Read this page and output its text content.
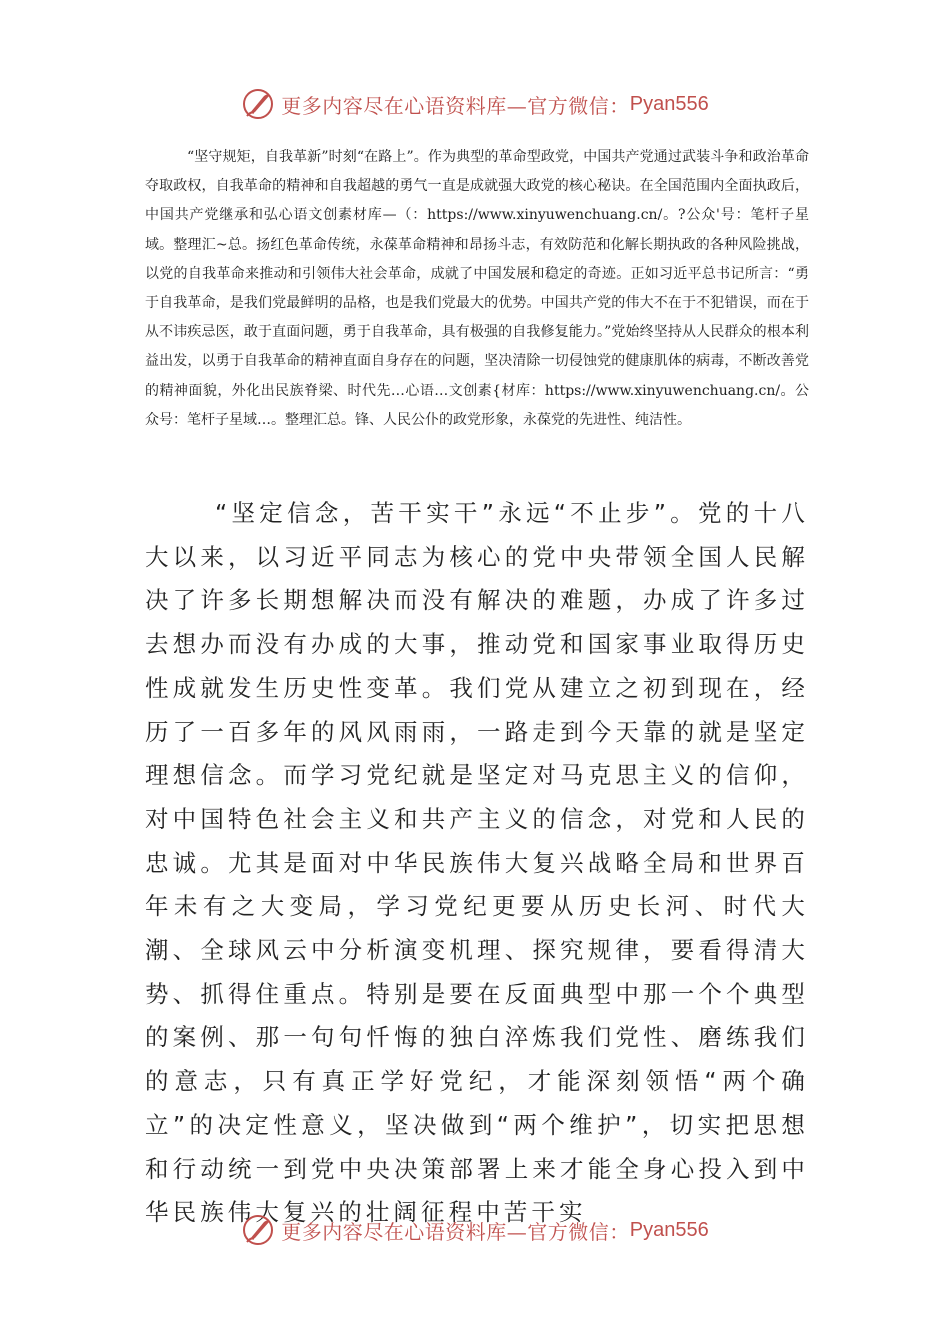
更多内容尽在心语资料库—官方微信： Pyan556

“坚守规矩，自我革新”时刻“在路上”。作为典型的革命型政党，中国共产党通过武装斗争和政治革命夺取政权，自我革命的精神和自我超越的勇气一直是成就强大政党的核心秘诀。在全国范围内全面执政后，中国共产党继承和弘心语文创素材库—（：https://www.xinyuwenchuang.cn/。?公众'号：笔杆子星域。整理汇~总。扬红色革命传统，永葆革命精神和昂扬斗志，有效防范和化解长期执政的各种风险挑战，以党的自我革命来推动和引领伟大社会革命，成就了中国发展和稳定的奇迹。正如习近平总书记所言：“勇于自我革命，是我们党最鲜明的品格，也是我们党最大的优势。中国共产党的伟大不在于不犯错误，而在于从不讳疾忌医，敢于直面问题，勇于自我革命，具有极强的自我修复能力。”党始终坚持从人民群众的根本利益出发，以勇于自我革命的精神直面自身存在的问题，坚决清除一切侵蚀党的健康肌体的病毒，不断改善党的精神面貌，外化出民族脊梁、时代先…心语…文创素{材库：https://www.xinyuwenchuang.cn/。公众号：笔杆子星域…。整理汇总。锋、人民公仆的政党形象，永葆党的先进性、纯洁性。

“坚定信念，苦干实干”永远“不止步”。党的十八大以来，以习近平同志为核心的党中央带领全国人民解决了许多长期想解决而没有解决的难题，办成了许多过去想办而没有办成的大事，推动党和国家事业取得历史性成就发生历史性变革。我们党从建立之初到现在，经历了一百多年的风风雨雨，一路走到今天靠的就是坚定理想信念。而学习党纪就是坚定对马克思主义的信仰，对中国特色社会主义和共产主义的信念，对党和人民的忠诚。尤其是面对中华民族伟大复兴战略全局和世界百年未有之大变局，学习党纪更要从历史长河、时代大潮、全球风云中分析演变机理、探究规律，要看得清大势、抓得住重点。特别是要在反面典型中那一个个典型的案例、那一句句忏悔的独白淬炼我们党性、磨练我们的意志，只有真正学好党纪，才能深刻领悟“两个确立”的决定性意义，坚决做到“两个维护”，切实把思想和行动统一到党中央决策部署上来才能全身心投入到中华民族伟大复兴的壮阔征程中苦干实

更多内容尽在心语资料库—官方微信： Pyan556
